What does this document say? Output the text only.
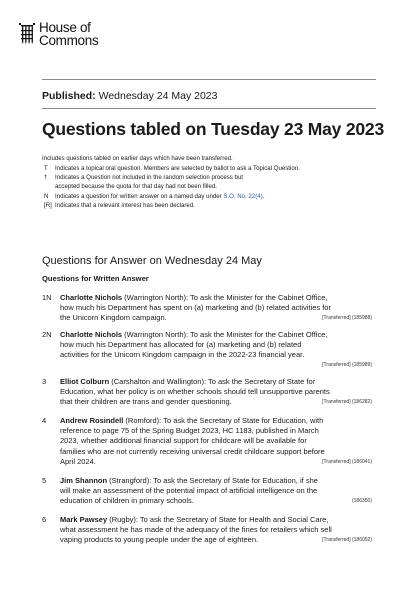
House of
Commons
Published: Wednesday 24 May 2023
Questions tabled on Tuesday 23 May 2023
Includes questions tabled on earlier days which have been transferred.
T	Indicates a topical oral question. Members are selected by ballot to ask a Topical Question.
†	Indicates a Question not included in the random selection process but
accepted because the quota for that day had not been filled.
N	Indicates a question for written answer on a named day under S.O. No. 22(4).
[R] Indicates that a relevant interest has been declared.
Questions for Answer on Wednesday 24 May
Questions for Written Answer
1N	Charlotte Nichols (Warrington North): To ask the Minister for the Cabinet Office,
how much his Department has spent on (a) marketing and (b) related activities for
the Unicorn Kingdom campaign.	[Transferred] (185988)
2N	Charlotte Nichols (Warrington North): To ask the Minister for the Cabinet Office,
how much his Department has allocated for (a) marketing and (b) related
activities for the Unicorn Kingdom campaign in the 2022-23 financial year.
[Transferred] (185989)
3	Elliot Colburn (Carshalton and Wallington): To ask the Secretary of State for
Education, what her policy is on whether schools should tell unsupportive parents
that their children are trans and gender questioning.	[Transferred] (186282)
4	Andrew Rosindell (Romford): To ask the Secretary of State for Education, with
reference to page 75 of the Spring Budget 2023, HC 1183, published in March
2023, whether additional financial support for childcare will be available for
families who are not currently receiving universal credit childcare support before
April 2024.	[Transferred] (186041)
5	Jim Shannon (Strangford): To ask the Secretary of State for Education, if she
will make an assessment of the potential impact of artificial intelligence on the
education of children in primary schools.	(186350)
6	Mark Pawsey (Rugby): To ask the Secretary of State for Health and Social Care,
what assessment he has made of the adequacy of the fines for retailers which sell
vaping products to young people under the age of eighteen.	[Transferred] (186092)
